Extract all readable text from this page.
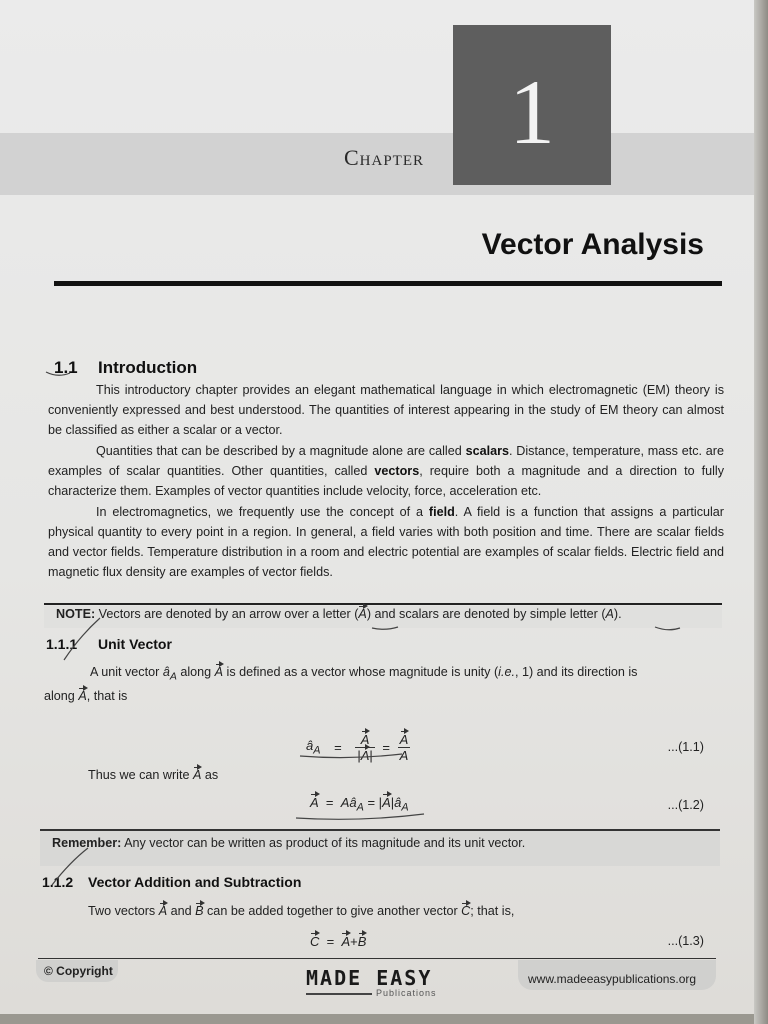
1
Chapter
Vector Analysis
1.1 Introduction

This introductory chapter provides an elegant mathematical language in which electromagnetic (EM) theory is conveniently expressed and best understood. The quantities of interest appearing in the study of EM theory can almost be classified as either a scalar or a vector.

Quantities that can be described by a magnitude alone are called scalars. Distance, temperature, mass etc. are examples of scalar quantities. Other quantities, called vectors, require both a magnitude and a direction to fully characterize them. Examples of vector quantities include velocity, force, acceleration etc.

In electromagnetics, we frequently use the concept of a field. A field is a function that assigns a particular physical quantity to every point in a region. In general, a field varies with both position and time. There are scalar fields and vector fields. Temperature distribution in a room and electric potential are examples of scalar fields. Electric field and magnetic flux density are examples of vector fields.

NOTE: Vectors are denoted by an arrow over a letter (A) and scalars are denoted by simple letter (A).
1.1.1 Unit Vector
A unit vector $â_A$ along A is defined as a vector whose magnitude is unity (i.e., 1) and its direction is
along A, that is
$â_A = \frac{A}{|A|} = \frac{A}{A}$	...(1.1)
Thus we can write A as
$A = Aâ_A$ = $|A|â_A$	...(1.2)
Remember: Any vector can be written as product of its magnitude and its unit vector.
1.1.2 Vector Addition and Subtraction
Two vectors A and B can be added together to give another vector C; that is,
C  =  A+B	...(1.3)
© Copyright	MADE EASY
Publications
www.madeeasypublications.org
